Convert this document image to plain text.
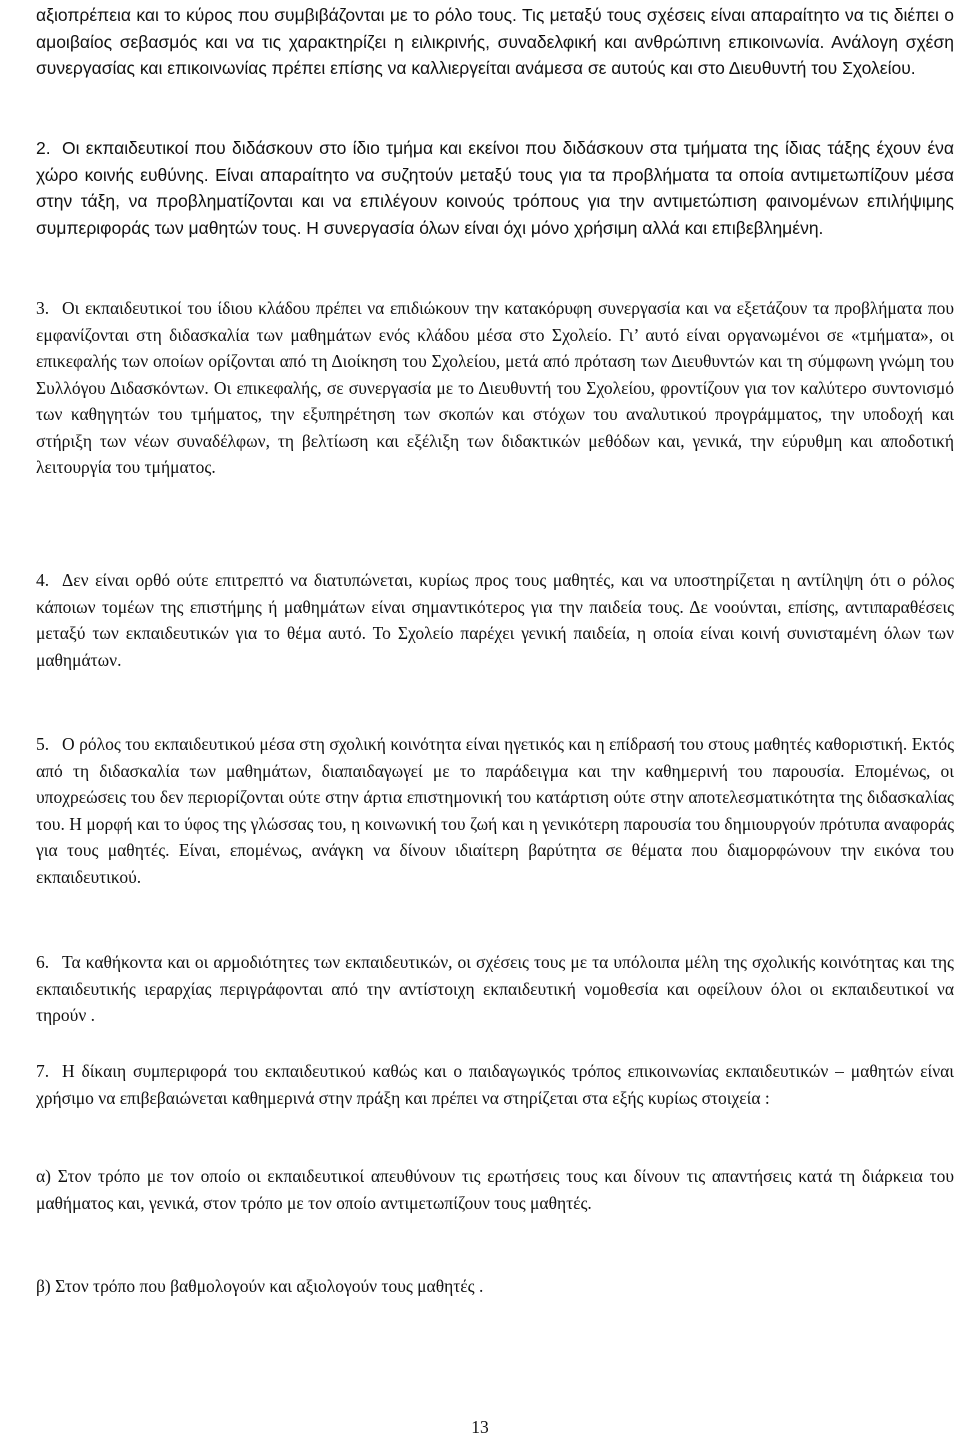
αξιοπρέπεια και το κύρος που συμβιβάζονται με το ρόλο τους. Τις μεταξύ τους σχέσεις είναι απαραίτητο να τις διέπει ο αμοιβαίος σεβασμός και να τις χαρακτηρίζει η ειλικρινής, συναδελφική και ανθρώπινη επικοινωνία. Ανάλογη σχέση συνεργασίας και επικοινωνίας πρέπει επίσης να καλλιεργείται ανάμεσα σε αυτούς και στο Διευθυντή του Σχολείου.

2. Οι εκπαιδευτικοί που διδάσκουν στο ίδιο τμήμα και εκείνοι που διδάσκουν στα τμήματα της ίδιας τάξης έχουν ένα χώρο κοινής ευθύνης. Είναι απαραίτητο να συζητούν μεταξύ τους για τα προβλήματα τα οποία αντιμετωπίζουν μέσα στην τάξη, να προβληματίζονται και να επιλέγουν κοινούς τρόπους για την αντιμετώπιση φαινομένων επιλήψιμης συμπεριφοράς των μαθητών τους. Η συνεργασία όλων είναι όχι μόνο χρήσιμη αλλά και επιβεβλημένη.

3. Οι εκπαιδευτικοί του ίδιου κλάδου πρέπει να επιδιώκουν την κατακόρυφη συνεργασία και να εξετάζουν τα προβλήματα που εμφανίζονται στη διδασκαλία των μαθημάτων ενός κλάδου μέσα στο Σχολείο. Γι’ αυτό είναι οργανωμένοι σε «τμήματα», οι επικεφαλής των οποίων ορίζονται από τη Διοίκηση του Σχολείου, μετά από πρόταση των Διευθυντών και τη σύμφωνη γνώμη του Συλλόγου Διδασκόντων. Οι επικεφαλής, σε συνεργασία με το Διευθυντή του Σχολείου, φροντίζουν για τον καλύτερο συντονισμό των καθηγητών του τμήματος, την εξυπηρέτηση των σκοπών και στόχων του αναλυτικού προγράμματος, την υποδοχή και στήριξη των νέων συναδέλφων, τη βελτίωση και εξέλιξη των διδακτικών μεθόδων και, γενικά, την εύρυθμη και αποδοτική λειτουργία του τμήματος.

4. Δεν είναι ορθό ούτε επιτρεπτό να διατυπώνεται, κυρίως προς τους μαθητές, και να υποστηρίζεται η αντίληψη ότι ο ρόλος κάποιων τομέων της επιστήμης ή μαθημάτων είναι σημαντικότερος για την παιδεία τους. Δε νοούνται, επίσης, αντιπαραθέσεις μεταξύ των εκπαιδευτικών για το θέμα αυτό. Το Σχολείο παρέχει γενική παιδεία, η οποία είναι κοινή συνισταμένη όλων των μαθημάτων.

5. Ο ρόλος του εκπαιδευτικού μέσα στη σχολική κοινότητα είναι ηγετικός και η επίδρασή του στους μαθητές καθοριστική. Εκτός από τη διδασκαλία των μαθημάτων, διαπαιδαγωγεί με το παράδειγμα και την καθημερινή του παρουσία. Επομένως, οι υποχρεώσεις του δεν περιορίζονται ούτε στην άρτια επιστημονική του κατάρτιση ούτε στην αποτελεσματικότητα της διδασκαλίας του. Η μορφή και το ύφος της γλώσσας του, η κοινωνική του ζωή και η γενικότερη παρουσία του δημιουργούν πρότυπα αναφοράς για τους μαθητές. Είναι, επομένως, ανάγκη να δίνουν ιδιαίτερη βαρύτητα σε θέματα που διαμορφώνουν την εικόνα του εκπαιδευτικού.

6. Τα καθήκοντα και οι αρμοδιότητες των εκπαιδευτικών, οι σχέσεις τους με τα υπόλοιπα μέλη της σχολικής κοινότητας και της εκπαιδευτικής ιεραρχίας περιγράφονται από την αντίστοιχη εκπαιδευτική νομοθεσία και οφείλουν όλοι οι εκπαιδευτικοί να τηρούν .

7. Η δίκαιη συμπεριφορά του εκπαιδευτικού καθώς και ο παιδαγωγικός τρόπος επικοινωνίας εκπαιδευτικών – μαθητών είναι χρήσιμο να επιβεβαιώνεται καθημερινά στην πράξη και πρέπει να στηρίζεται στα εξής κυρίως στοιχεία :

α) Στον τρόπο με τον οποίο οι εκπαιδευτικοί απευθύνουν τις ερωτήσεις τους και δίνουν τις απαντήσεις κατά τη διάρκεια του μαθήματος και, γενικά, στον τρόπο με τον οποίο αντιμετωπίζουν τους μαθητές.

β) Στον τρόπο που βαθμολογούν και αξιολογούν τους μαθητές .

13
